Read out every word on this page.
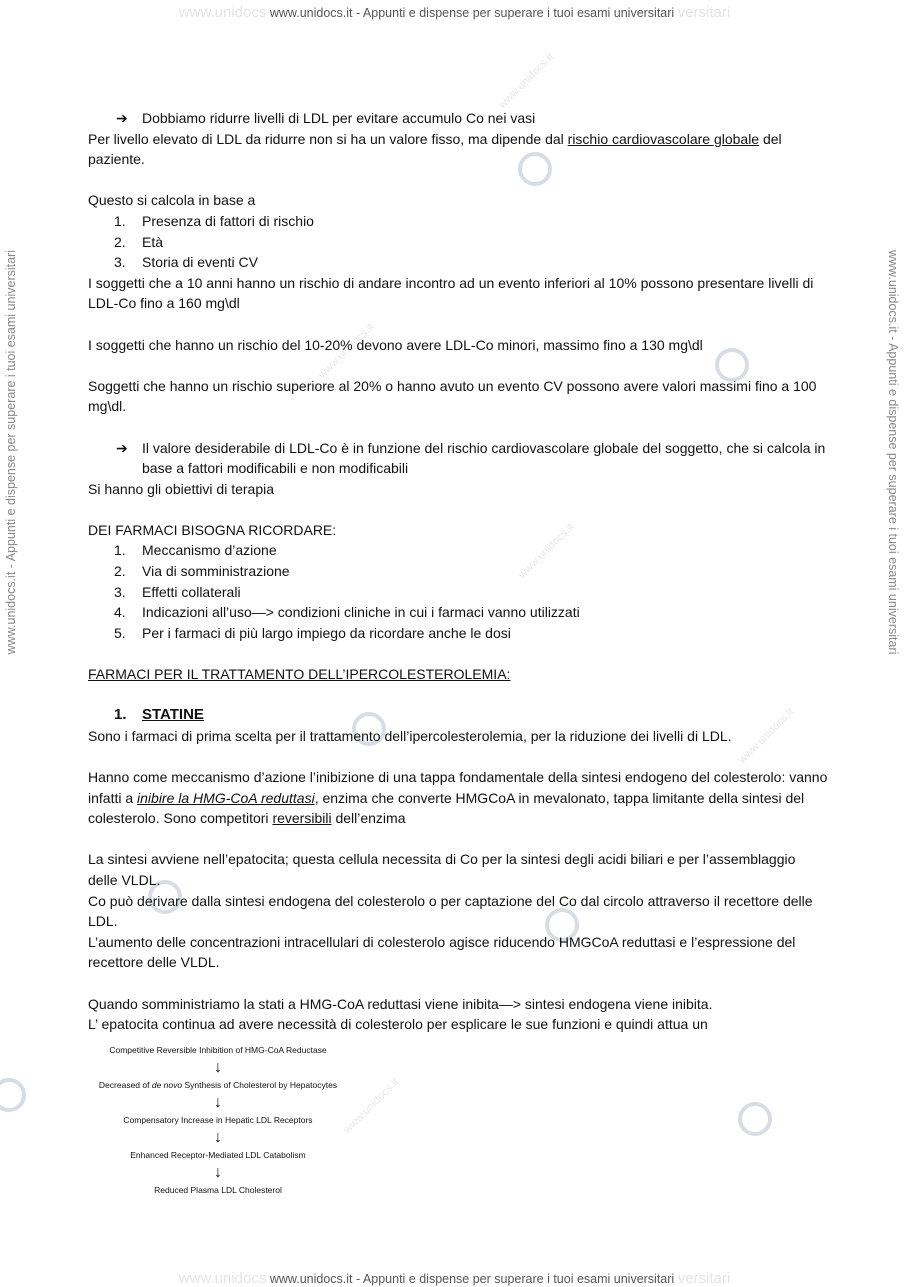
www.unidocs www.unidocs.it - Appunti e dispense per superare i tuoi esami universitari versitari
www.unidocs.it - Appunti e dispense per superare i tuoi esami universitari	www.unidocs.it - Appunti e dispense per superare i tuoi esami universitari
www.unidocs.it
www.unidocs.it
www.unidocs.it
www.unidocs.it
www.unidocs.it
➔	Dobbiamo ridurre livelli di LDL per evitare accumulo Co nei vasi

Per livello elevato di LDL da ridurre non si ha un valore fisso, ma dipende dal rischio cardiovascolare globale del paziente.

Questo si calcola in base a

1. Presenza di fattori di rischio
2. Età
3. Storia di eventi CV

I soggetti che a 10 anni hanno un rischio di andare incontro ad un evento inferiori al 10% possono presentare livelli di LDL-Co fino a 160 mg\dl

I soggetti che hanno un rischio del 10-20% devono avere LDL-Co minori, massimo fino a 130 mg\dl

Soggetti che hanno un rischio superiore al 20% o hanno avuto un evento CV possono avere valori massimi fino a 100 mg\dl.

➔	Il valore desiderabile di LDL-Co è in funzione del rischio cardiovascolare globale del soggetto, che si calcola in base a fattori modificabili e non modificabili

Si hanno gli obiettivi di terapia

DEI FARMACI BISOGNA RICORDARE:

1. Meccanismo d’azione
2. Via di somministrazione
3. Effetti collaterali
4. Indicazioni all’uso—> condizioni cliniche in cui i farmaci vanno utilizzati
5. Per i farmaci di più largo impiego da ricordare anche le dosi

FARMACI PER IL TRATTAMENTO DELL’IPERCOLESTEROLEMIA:

1. STATINE

Sono i farmaci di prima scelta per il trattamento dell’ipercolesterolemia, per la riduzione dei livelli di LDL.

Hanno come meccanismo d’azione l’inibizione di una tappa fondamentale della sintesi endogeno del colesterolo: vanno infatti a inibire la HMG-CoA reduttasi, enzima che converte HMGCoA in mevalonato, tappa limitante della sintesi del colesterolo. Sono competitori reversibili dell’enzima

La sintesi avviene nell’epatocita; questa cellula necessita di Co per la sintesi degli acidi biliari e per l’assemblaggio delle VLDL.

Co può derivare dalla sintesi endogena del colesterolo o per captazione del Co dal circolo attraverso il recettore delle LDL.

L’aumento delle concentrazioni intracellulari di colesterolo agisce riducendo HMGCoA reduttasi e l’espressione del recettore delle VLDL.

Quando somministriamo la stati a HMG-CoA reduttasi viene inibita—> sintesi endogena viene inibita.

L’ epatocita continua ad avere necessità di colesterolo per esplicare le sue funzioni e quindi attua un

Competitive Reversible Inhibition of HMG-CoA Reductase
↓
Decreased of de novo Synthesis of Cholesterol by Hepatocytes
↓
Compensatory Increase in Hepatic LDL Receptors
↓
Enhanced Receptor-Mediated LDL Catabolism
↓
Reduced Plasma LDL Cholesterol
www.unidocs www.unidocs.it - Appunti e dispense per superare i tuoi esami universitari versitari
